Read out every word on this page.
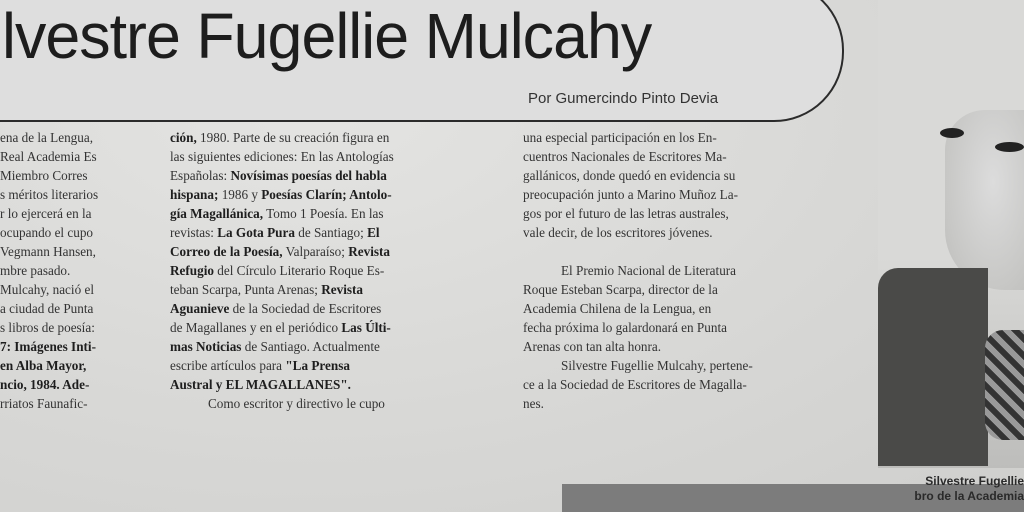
lvestre Fugellie Mulcahy
Por Gumercindo Pinto Devia
ena de la Lengua,
Real Academia Es
Miembro Corres
s méritos literarios
r lo ejercerá en la
ocupando el cupo
Vegmann Hansen,
mbre pasado.
Mulcahy, nació el
a ciudad de Punta
s libros de poesía:
7: Imágenes Inti-
en Alba Mayor,
ncio, 1984. Ade-
rriatos Faunafic-
ción, 1980. Parte de su creación figura en
las siguientes ediciones: En las Antologías
Españolas: Novísimas poesías del habla
hispana; 1986 y Poesías Clarín; Antolo-
gía Magallánica, Tomo 1 Poesía. En las
revistas: La Gota Pura de Santiago; El
Correo de la Poesía, Valparaíso; Revista
Refugio del Círculo Literario Roque Es-
teban Scarpa, Punta Arenas; Revista
Aguanieve de la Sociedad de Escritores
de Magallanes y en el periódico Las Últi-
mas Noticias de Santiago. Actualmente
escribe artículos para "La Prensa
Austral y EL MAGALLANES".
Como escritor y directivo le cupo
una especial participación en los En-
cuentros Nacionales de Escritores Ma-
gallánicos, donde quedó en evidencia su
preocupación junto a Marino Muñoz La-
gos por el futuro de las letras australes,
vale decir, de los escritores jóvenes.
El Premio Nacional de Literatura
Roque Esteban Scarpa, director de la
Academia Chilena de la Lengua, en
fecha próxima lo galardonará en Punta
Arenas con tan alta honra.
Silvestre Fugellie Mulcahy, pertene-
ce a la Sociedad de Escritores de Magalla-
nes.
Silvestre Fugellie
bro de la Academia
